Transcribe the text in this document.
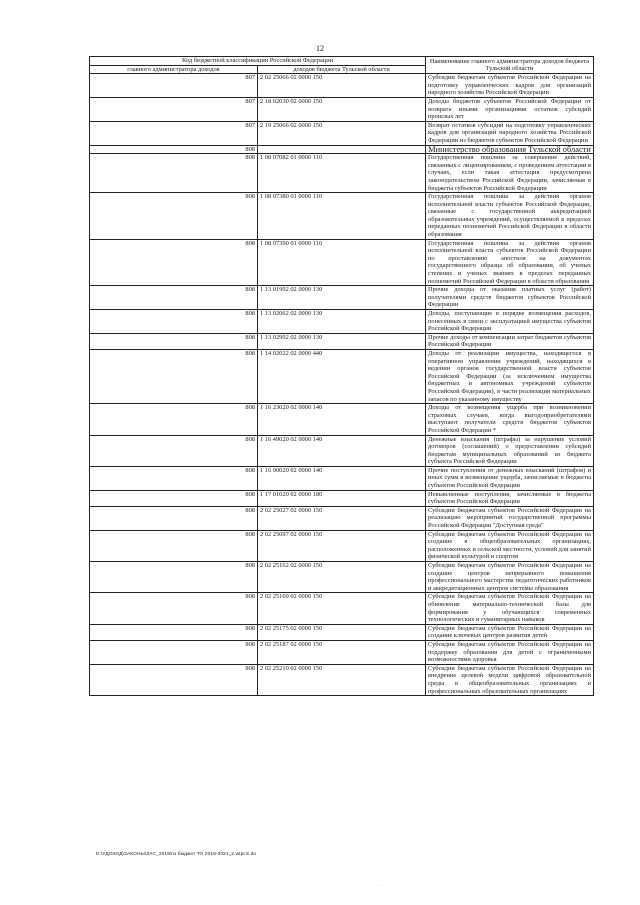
12
Код бюджетной классификации Российской Федерации		Наименование главного администратора доходов бюджета Тульской области
главного администратора доходов	доходов бюджета Тульской области	
807	2 02 25066 02 0000 150	Субсидии бюджетам субъектов Российской Федерации на подготовку управленческих кадров для организаций народного хозяйства Российской Федерации
807	2 18 02030 02 0000 150	Доходы бюджетов субъектов Российской Федерации от возврата иными организациями остатков субсидий прошлых лет
807	2 19 25066 02 0000 150	Возврат остатков субсидий на подготовку управленческих кадров для организаций народного хозяйства Российской Федерации из бюджетов субъектов Российской Федерации
808		Министерство образования Тульской области
808	1 08 07082 01 0000 110	Государственная пошлина за совершение действий, связанных с лицензированием, с проведением аттестации в случаях, если такая аттестация предусмотрена законодательством Российской Федерации, зачисляемая в бюджеты субъектов Российской Федерации
808	1 08 07380 01 0000 110	Государственная пошлина за действия органов исполнительной власти субъектов Российской Федерации, связанные с государственной аккредитацией образовательных учреждений, осуществляемой в пределах переданных полномочий Российской Федерации в области образования
808	1 08 07390 01 0000 110	Государственная пошлина за действия органов исполнительной власти субъектов Российской Федерации по проставлению апостиля на документах государственного образца об образовании, об ученых степенях и ученых званиях в пределах переданных полномочий Российской Федерации в области образования
808	1 13 01992 02 0000 130	Прочие доходы от оказания платных услуг (работ) получателями средств бюджетов субъектов Российской Федерации
808	1 13 02062 02 0000 130	Доходы, поступающие в порядке возмещения расходов, понесенных в связи с эксплуатацией имущества субъектов Российской Федерации
808	1 13 02992 02 0000 130	Прочие доходы от компенсации затрат бюджетов субъектов Российской Федерации
808	1 14 02022 02 0000 440	Доходы от реализации имущества, находящегося в оперативном управлении учреждений, находящихся в ведении органов государственной власти субъектов Российской Федерации (за исключением имущества бюджетных и автономных учреждений субъектов Российской Федерации), в части реализации материальных запасов по указанному имуществу
808	1 16 23020 02 0000 140	Доходы от возмещения ущерба при возникновении страховых случаев, когда выгодоприобретателями выступают получатели средств бюджетов субъектов Российской Федерации *
808	1 16 49020 02 0000 140	Денежные взыскания (штрафы) за нарушение условий договоров (соглашений) о предоставлении субсидий бюджетам муниципальных образований из бюджета субъекта Российской Федерации
808	1 16 90020 02 0000 140	Прочие поступления от денежных взысканий (штрафов) и иных сумм в возмещение ущерба, зачисляемые в бюджеты субъектов Российской Федерации
808	1 17 01020 02 0000 180	Невыясненные поступления, зачисляемые в бюджеты субъектов Российской Федерации
808	2 02 25027 02 0000 150	Субсидии бюджетам субъектов Российской Федерации на реализацию мероприятий государственной программы Российской Федерации "Доступная среда"
808	2 02 25097 02 0000 150	Субсидии бюджетам субъектов Российской Федерации на создание в общеобразовательных организациях, расположенных в сельской местности, условий для занятий физической культурой и спортом
808	2 02 25162 02 0000 150	Субсидии бюджетам субъектов Российской Федерации на создание центров непрерывного повышения профессионального мастерства педагогических работников и аккредитационных центров системы образования
808	2 02 25169 02 0000 150	Субсидии бюджетам субъектов Российской Федерации на обновление материально-технической базы для формирования у обучающихся современных технологических и гуманитарных навыков
808	2 02 25175 02 0000 150	Субсидии бюджетам субъектов Российской Федерации на создание ключевых центров развития детей
808	2 02 25187 02 0000 150	Субсидии бюджетам субъектов Российской Федерации на поддержку образования для детей с ограниченными возможностями здоровья
808	2 02 25210 02 0000 150	Субсидии бюджетам субъектов Российской Федерации на внедрение целевой модели цифровой образовательной среды в общеобразовательных организациях и профессиональных образовательных организациях
D:\УДОХОД\ЗАКОНЫ\ЗАС_2019\пз бюджет ТО 2019-2021_2.wtpcS.do
· · · · ·
